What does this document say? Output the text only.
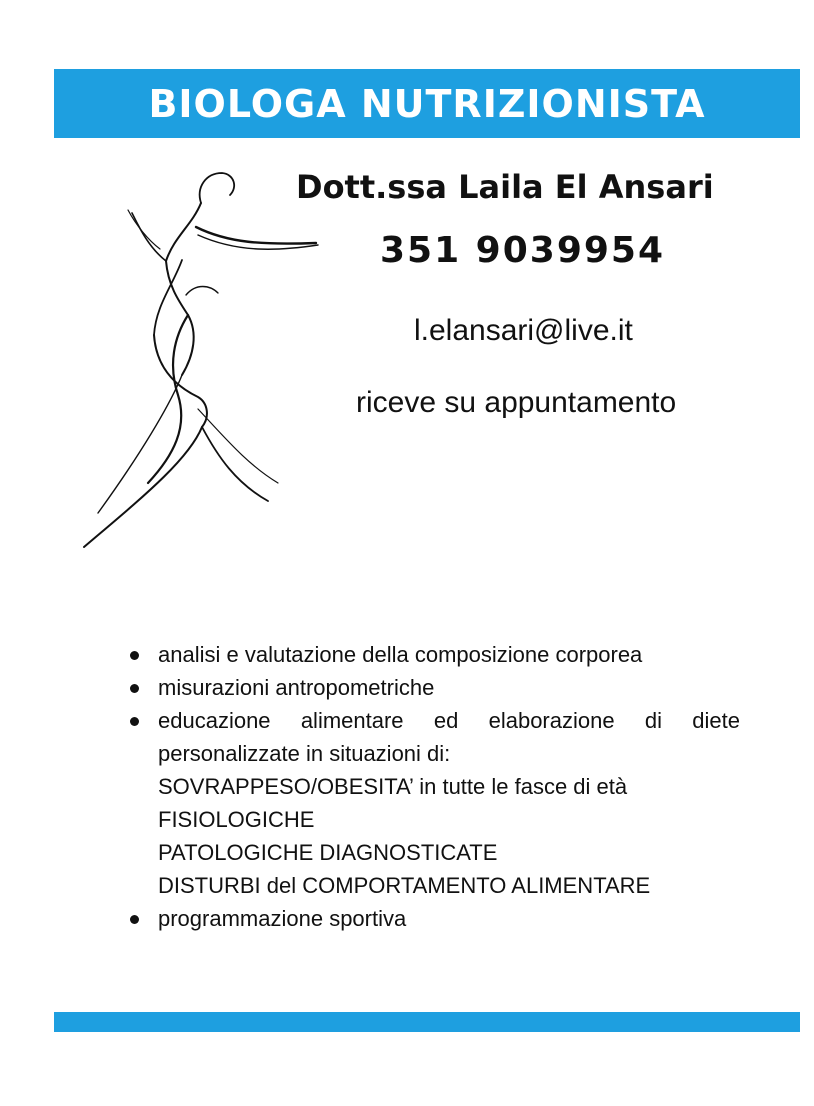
BIOLOGA NUTRIZIONISTA

Dott.ssa Laila El Ansari

351 9039954

l.elansari@live.it

riceve su appuntamento

analisi e valutazione della composizione corporea
misurazioni antropometriche
educazione alimentare ed elaborazione di diete
personalizzate in situazioni di:
SOVRAPPESO/OBESITA’ in tutte le fasce di età
FISIOLOGICHE
PATOLOGICHE DIAGNOSTICATE
DISTURBI del COMPORTAMENTO ALIMENTARE
programmazione sportiva
